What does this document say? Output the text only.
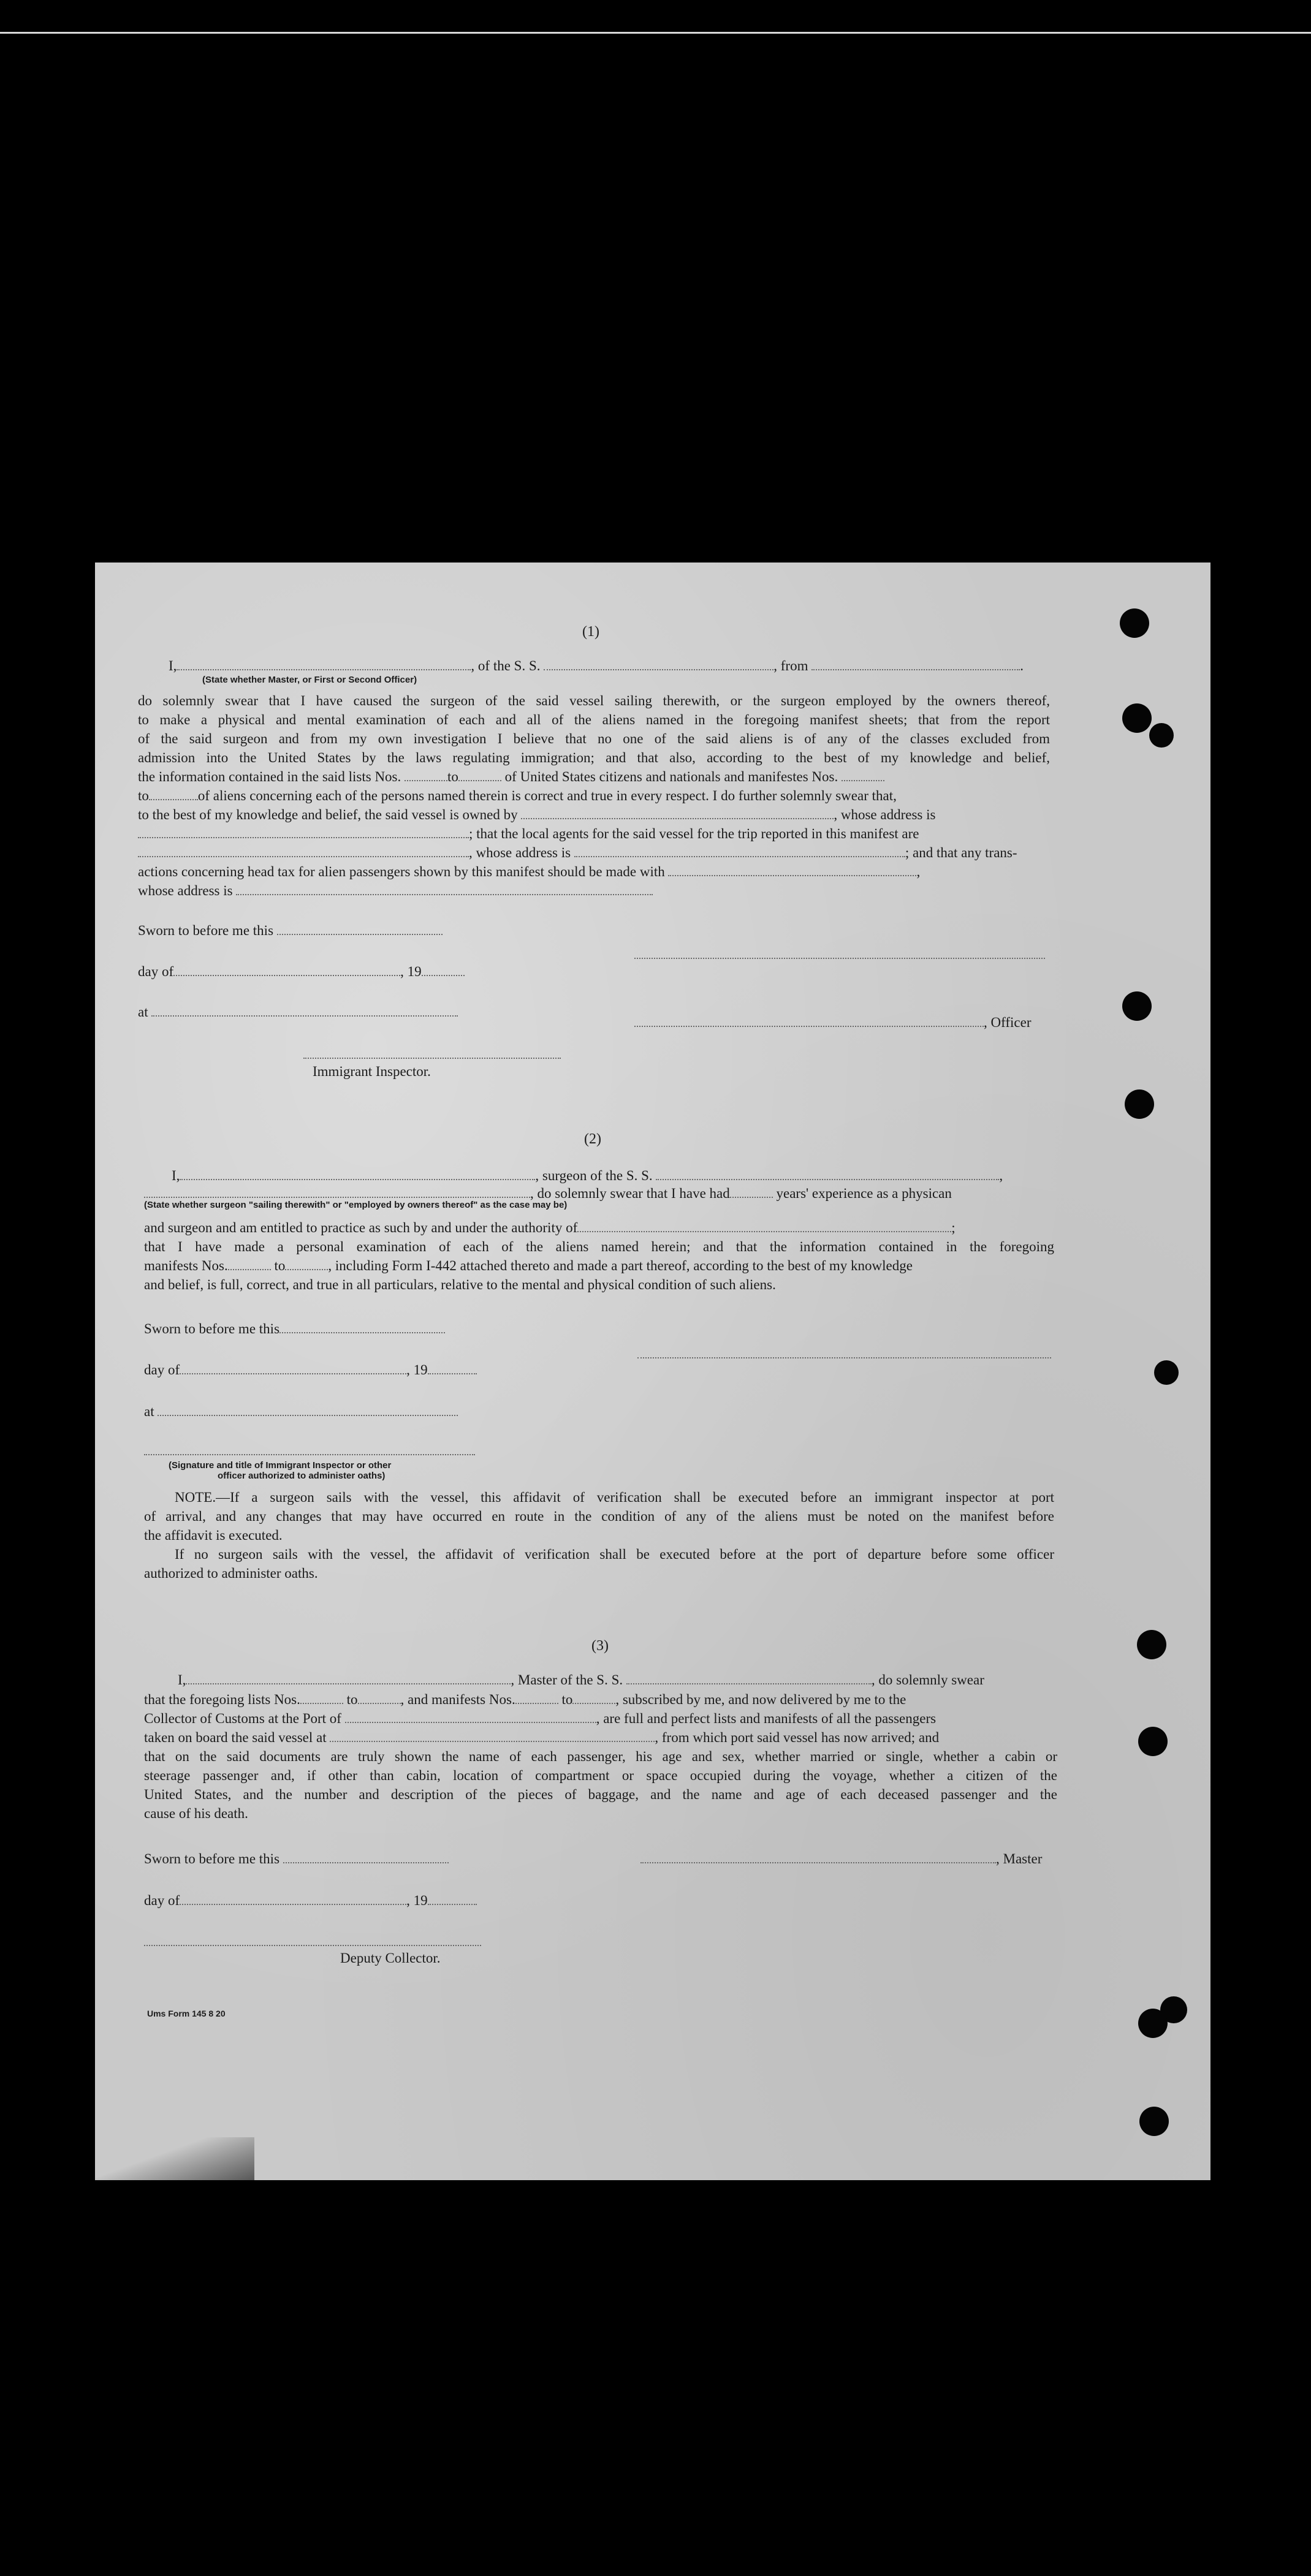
(1)
I,	, of the S. S.	, from	.
(State whether Master, or First or Second Officer)
do solemnly swear that I have caused the surgeon of the said vessel sailing therewith, or the surgeon employed by the owners thereof,
to make a physical and mental examination of each and all of the aliens named in the foregoing manifest sheets; that from the report
of the said surgeon and from my own investigation I believe that no one of the said aliens is of any of the classes excluded from
admission into the United States by the laws regulating immigration; and that also, according to the best of my knowledge and belief,
the information contained in the said lists Nos.	to	of United States citizens and nationals and manifestes Nos.
to	of aliens concerning each of the persons named therein is correct and true in every respect. I do further solemnly swear that,
to the best of my knowledge and belief, the said vessel is owned by	, whose address is
; that the local agents for the said vessel for the trip reported in this manifest are
, whose address is	; and that any trans-
actions concerning head tax for alien passengers shown by this manifest should be made with	,
whose address is
Sworn to before me this
day of	, 19
at
, Officer
Immigrant Inspector.
(2)
I,	, surgeon of the S. S.	,
, do solemnly swear that I have had	years' experience as a physican
(State whether surgeon "sailing therewith" or "employed by owners thereof" as the case may be)
and surgeon and am entitled to practice as such by and under the authority of	;
that I have made a personal examination of each of the aliens named herein; and that the information contained in the foregoing
manifests Nos.	to	, including Form I-442 attached thereto and made a part thereof, according to the best of my knowledge
and belief, is full, correct, and true in all particulars, relative to the mental and physical condition of such aliens.
Sworn to before me this
day of	, 19
at
(Signature and title of Immigrant Inspector or other
officer authorized to administer oaths)
NOTE.—If a surgeon sails with the vessel, this affidavit of verification shall be executed before an immigrant inspector at port
of arrival, and any changes that may have occurred en route in the condition of any of the aliens must be noted on the manifest before
the affidavit is executed.
If no surgeon sails with the vessel, the affidavit of verification shall be executed before at the port of departure before some officer
authorized to administer oaths.
(3)
I,	, Master of the S. S.	, do solemnly swear
that the foregoing lists Nos.	to	, and manifests Nos.	to	, subscribed by me, and now delivered by me to the
Collector of Customs at the Port of	, are full and perfect lists and manifests of all the passengers
taken on board the said vessel at	, from which port said vessel has now arrived; and
that on the said documents are truly shown the name of each passenger, his age and sex, whether married or single, whether a cabin or
steerage passenger and, if other than cabin, location of compartment or space occupied during the voyage, whether a citizen of the
United States, and the number and description of the pieces of baggage, and the name and age of each deceased passenger and the
cause of his death.
Sworn to before me this	, Master
day of	, 19
Deputy Collector.
Ums Form 145 8 20
